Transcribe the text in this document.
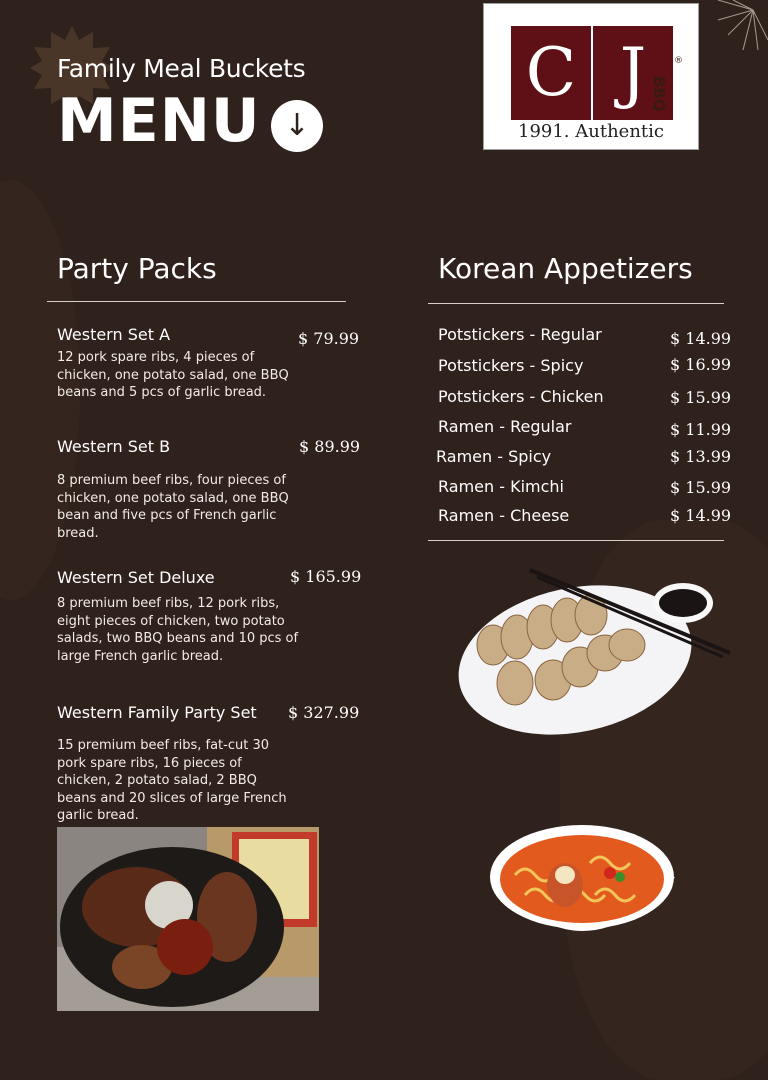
Family Meal Buckets
MENU ↓
C J	®
BBQ
1991. Authentic
Party Packs
Western Set A	$ 79.99
12 pork spare ribs, 4 pieces of chicken, one potato salad, one BBQ beans and 5 pcs of garlic bread.
Western Set B	$ 89.99
8 premium beef ribs, four pieces of chicken, one potato salad, one BBQ bean and five pcs of French garlic bread.
Western Set Deluxe	$ 165.99
8 premium beef ribs, 12 pork ribs, eight pieces of chicken, two potato salads, two BBQ beans and 10 pcs of large French garlic bread.
Western Family Party Set $ 327.99
15 premium beef ribs, fat-cut 30 pork spare ribs, 16 pieces of chicken, 2 potato salad, 2 BBQ beans and 20 slices of large French garlic bread.
Korean Appetizers
Potstickers - Regular	$ 14.99
Potstickers - Spicy	$ 16.99
Potstickers - Chicken	$ 15.99
Ramen - Regular	$ 11.99
Ramen - Spicy	$ 13.99
Ramen - Kimchi	$ 15.99
Ramen - Cheese	$ 14.99
